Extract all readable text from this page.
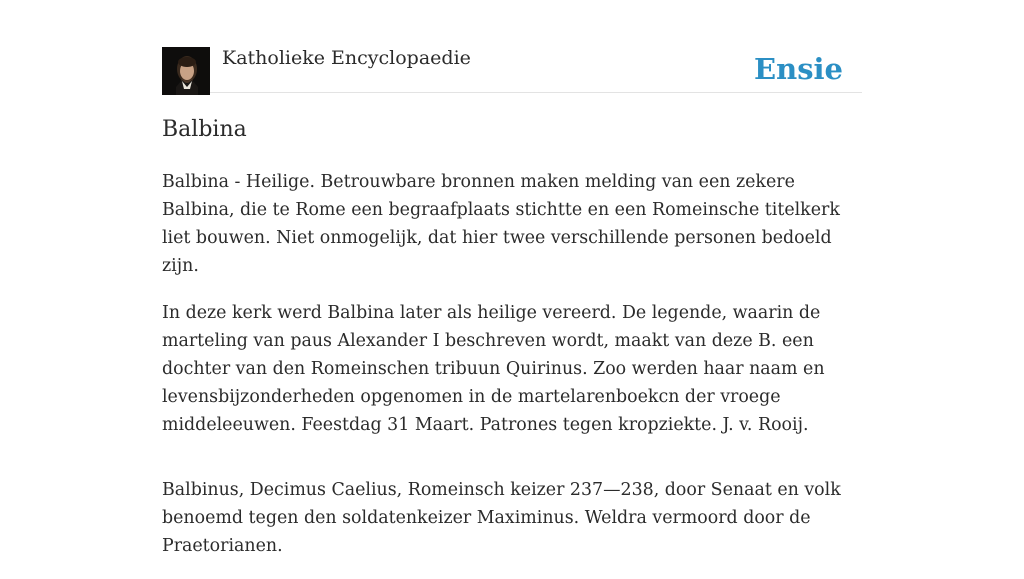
Katholieke Encyclopaedie	Ensie
Balbina

Balbina - Heilige. Betrouwbare bronnen maken melding van een zekere Balbina, die te Rome een begraafplaats stichtte en een Romeinsche titelkerk liet bouwen. Niet onmogelijk, dat hier twee verschillende personen bedoeld zijn.

In deze kerk werd Balbina later als heilige vereerd. De legende, waarin de marteling van paus Alexander I beschreven wordt, maakt van deze B. een dochter van den Romeinschen tribuun Quirinus. Zoo werden haar naam en levensbijzonderheden opgenomen in de martelarenboekcn der vroege middeleeuwen. Feestdag 31 Maart. Patrones tegen kropziekte. J. v. Rooij.

Balbinus, Decimus Caelius, Romeinsch keizer 237—238, door Senaat en volk benoemd tegen den soldatenkeizer Maximinus. Weldra vermoord door de Praetorianen.
